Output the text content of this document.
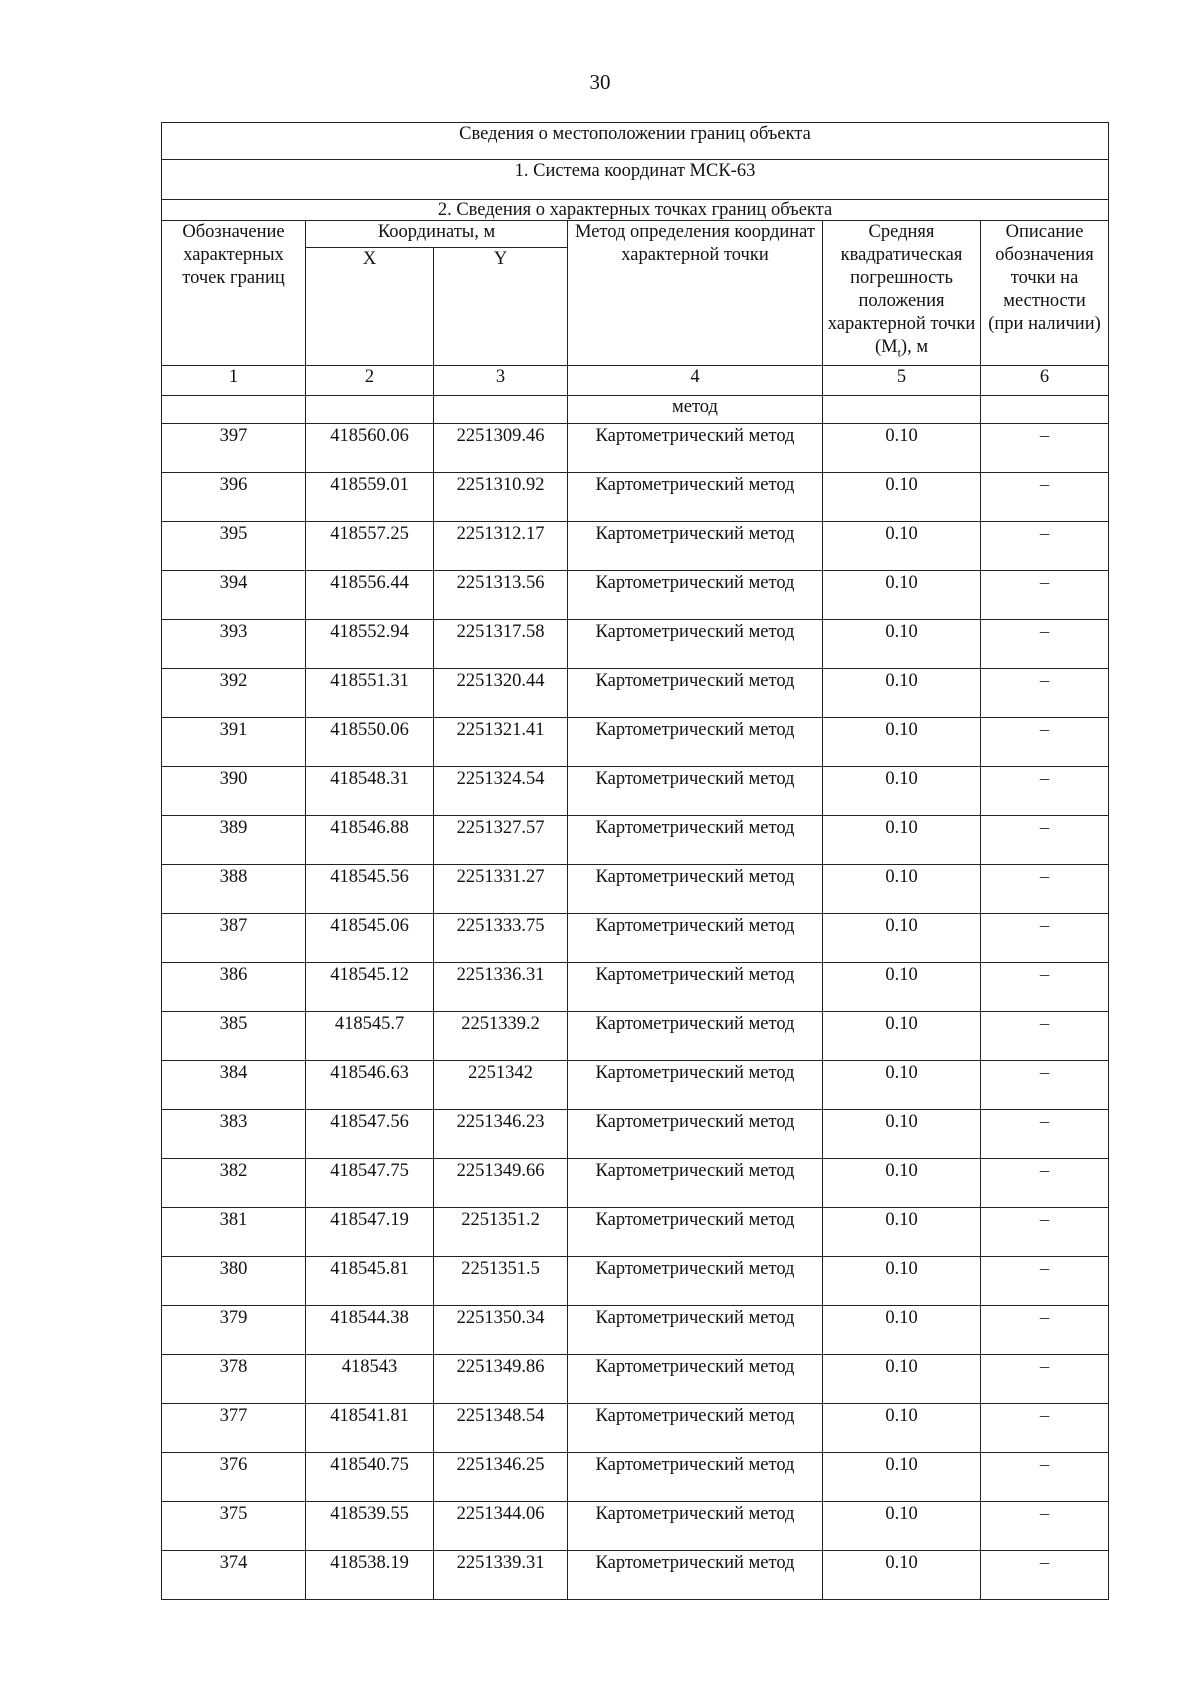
30
Сведения о местоположении границ объекта					
1. Система координат МСК-63					
2. Сведения о характерных точках границ объекта					
Обозначение характерных точек границ	Координаты, м		Метод определения координат характерной точки	Средняя квадратическая погрешность положения характерной точки $(M_t)$, м	Описание обозначения точки на местности (при наличии)
	X	Y			
1	2	3	4	5	6
			метод		
397	418560.06	2251309.46	Картометрический метод	0.10	–
396	418559.01	2251310.92	Картометрический метод	0.10	–
395	418557.25	2251312.17	Картометрический метод	0.10	–
394	418556.44	2251313.56	Картометрический метод	0.10	–
393	418552.94	2251317.58	Картометрический метод	0.10	–
392	418551.31	2251320.44	Картометрический метод	0.10	–
391	418550.06	2251321.41	Картометрический метод	0.10	–
390	418548.31	2251324.54	Картометрический метод	0.10	–
389	418546.88	2251327.57	Картометрический метод	0.10	–
388	418545.56	2251331.27	Картометрический метод	0.10	–
387	418545.06	2251333.75	Картометрический метод	0.10	–
386	418545.12	2251336.31	Картометрический метод	0.10	–
385	418545.7	2251339.2	Картометрический метод	0.10	–
384	418546.63	2251342	Картометрический метод	0.10	–
383	418547.56	2251346.23	Картометрический метод	0.10	–
382	418547.75	2251349.66	Картометрический метод	0.10	–
381	418547.19	2251351.2	Картометрический метод	0.10	–
380	418545.81	2251351.5	Картометрический метод	0.10	–
379	418544.38	2251350.34	Картометрический метод	0.10	–
378	418543	2251349.86	Картометрический метод	0.10	–
377	418541.81	2251348.54	Картометрический метод	0.10	–
376	418540.75	2251346.25	Картометрический метод	0.10	–
375	418539.55	2251344.06	Картометрический метод	0.10	–
374	418538.19	2251339.31	Картометрический метод	0.10	–
